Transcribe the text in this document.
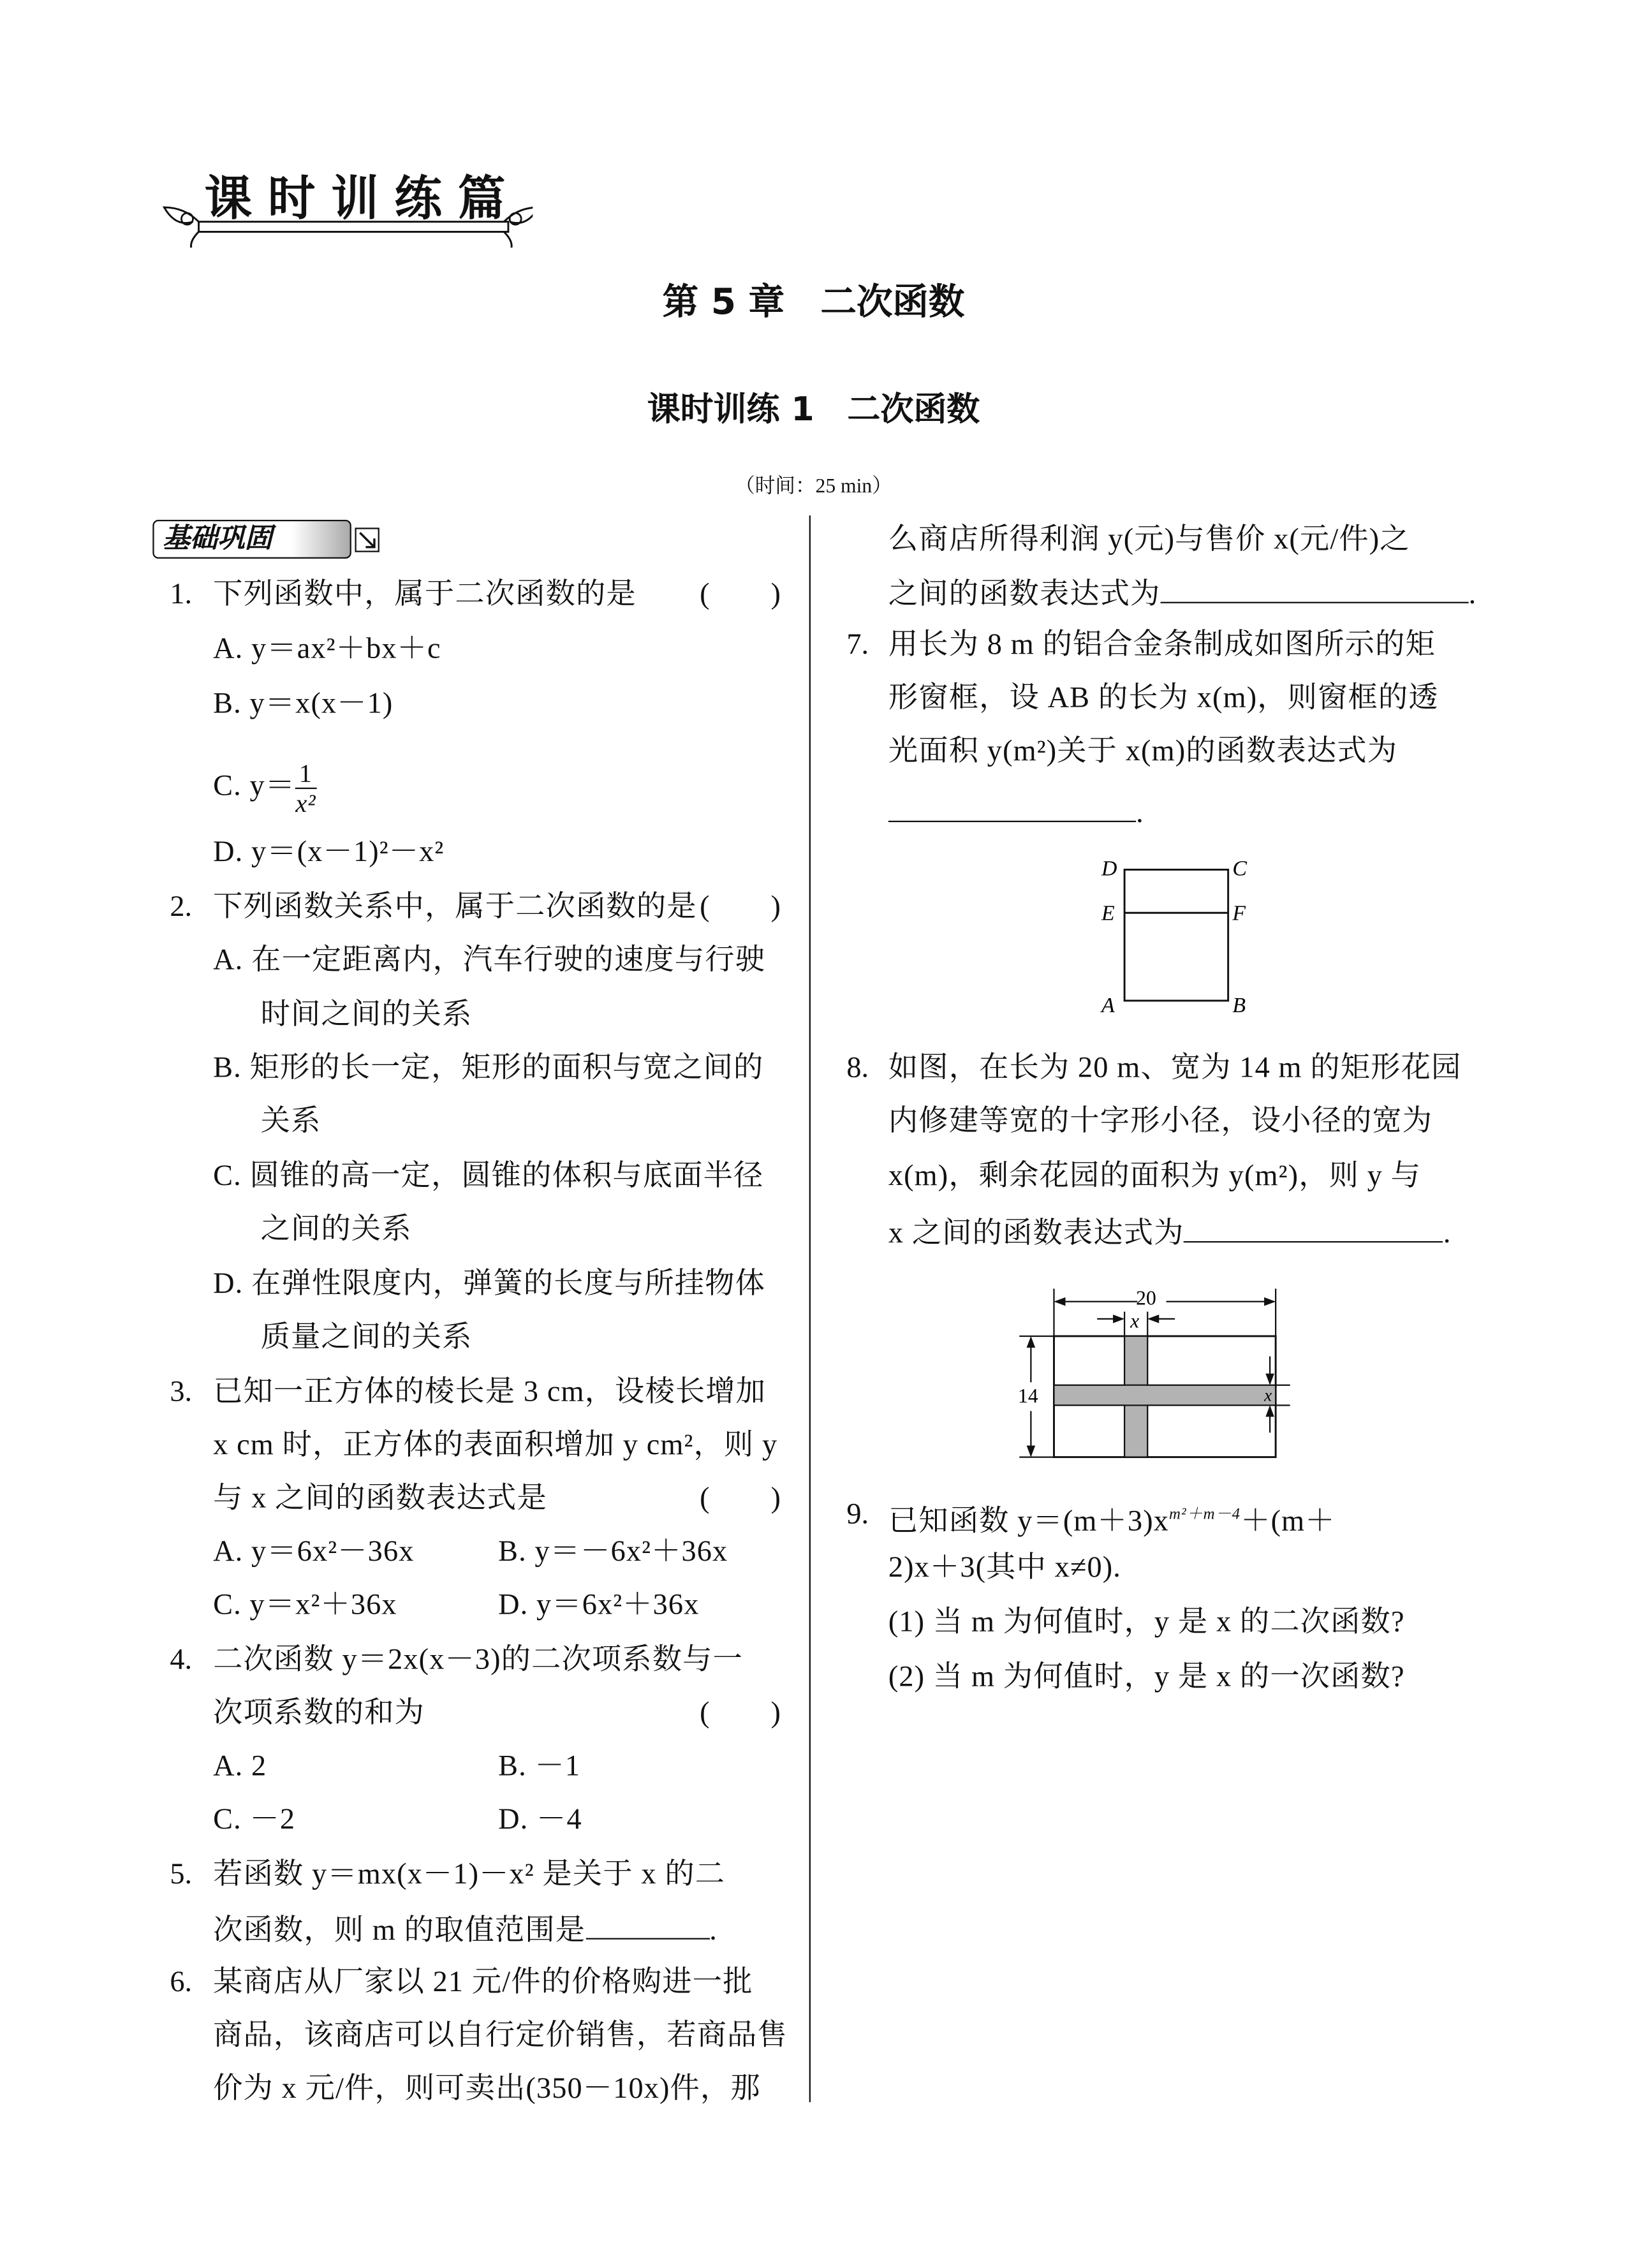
课时训练篇
第 5 章　二次函数
课时训练 1　二次函数
（时间：25 min）
基础巩固
1. 下列函数中，属于二次函数的是	(　　)
A. y＝ax²＋bx＋c
B. y＝x(x－1)
C. $y= \frac{1}{\text{x²}}$
D. y＝(x－1)²－x²
2. 下列函数关系中，属于二次函数的是 (　　)
A. 在一定距离内，汽车行驶的速度与行驶
时间之间的关系
B. 矩形的长一定，矩形的面积与宽之间的
关系
C. 圆锥的高一定，圆锥的体积与底面半径
之间的关系
D. 在弹性限度内，弹簧的长度与所挂物体
质量之间的关系
3. 已知一正方体的棱长是 3 cm，设棱长增加
x cm 时，正方体的表面积增加 y cm²，则 y
与 x 之间的函数表达式是	(　　)
A. y＝6x²－36x	B. y＝－6x²＋36x
C. y＝x²＋36x	D. y＝6x²＋36x
4. 二次函数 y＝2x(x－3)的二次项系数与一
次项系数的和为	(　　)
A. 2	B. －1
C. －2	D. －4
5. 若函数 y＝mx(x－1)－x² 是关于 x 的二
次函数，则 m 的取值范围是	.
6. 某商店从厂家以 21 元/件的价格购进一批
商品，该商店可以自行定价销售，若商品售
价为 x 元/件，则可卖出(350－10x)件，那
么商店所得利润 y(元)与售价 x(元/件)之
之间的函数表达式为	.
7. 用长为 8 m 的铝合金条制成如图所示的矩
形窗框，设 AB 的长为 x(m)，则窗框的透
光面积 y(m²)关于 x(m)的函数表达式为
.
D	C
E	F
A	B
8. 如图，在长为 20 m、宽为 14 m 的矩形花园
内修建等宽的十字形小径，设小径的宽为
x(m)，剩余花园的面积为 y(m²)，则 y 与
x 之间的函数表达式为	.
20
x
14	x
9. 已知函数 $y=(m+3)x^{m^2+m-4}+(m+$
2)x＋3(其中 x≠0).
(1) 当 m 为何值时，y 是 x 的二次函数?
(2) 当 m 为何值时，y 是 x 的一次函数?
